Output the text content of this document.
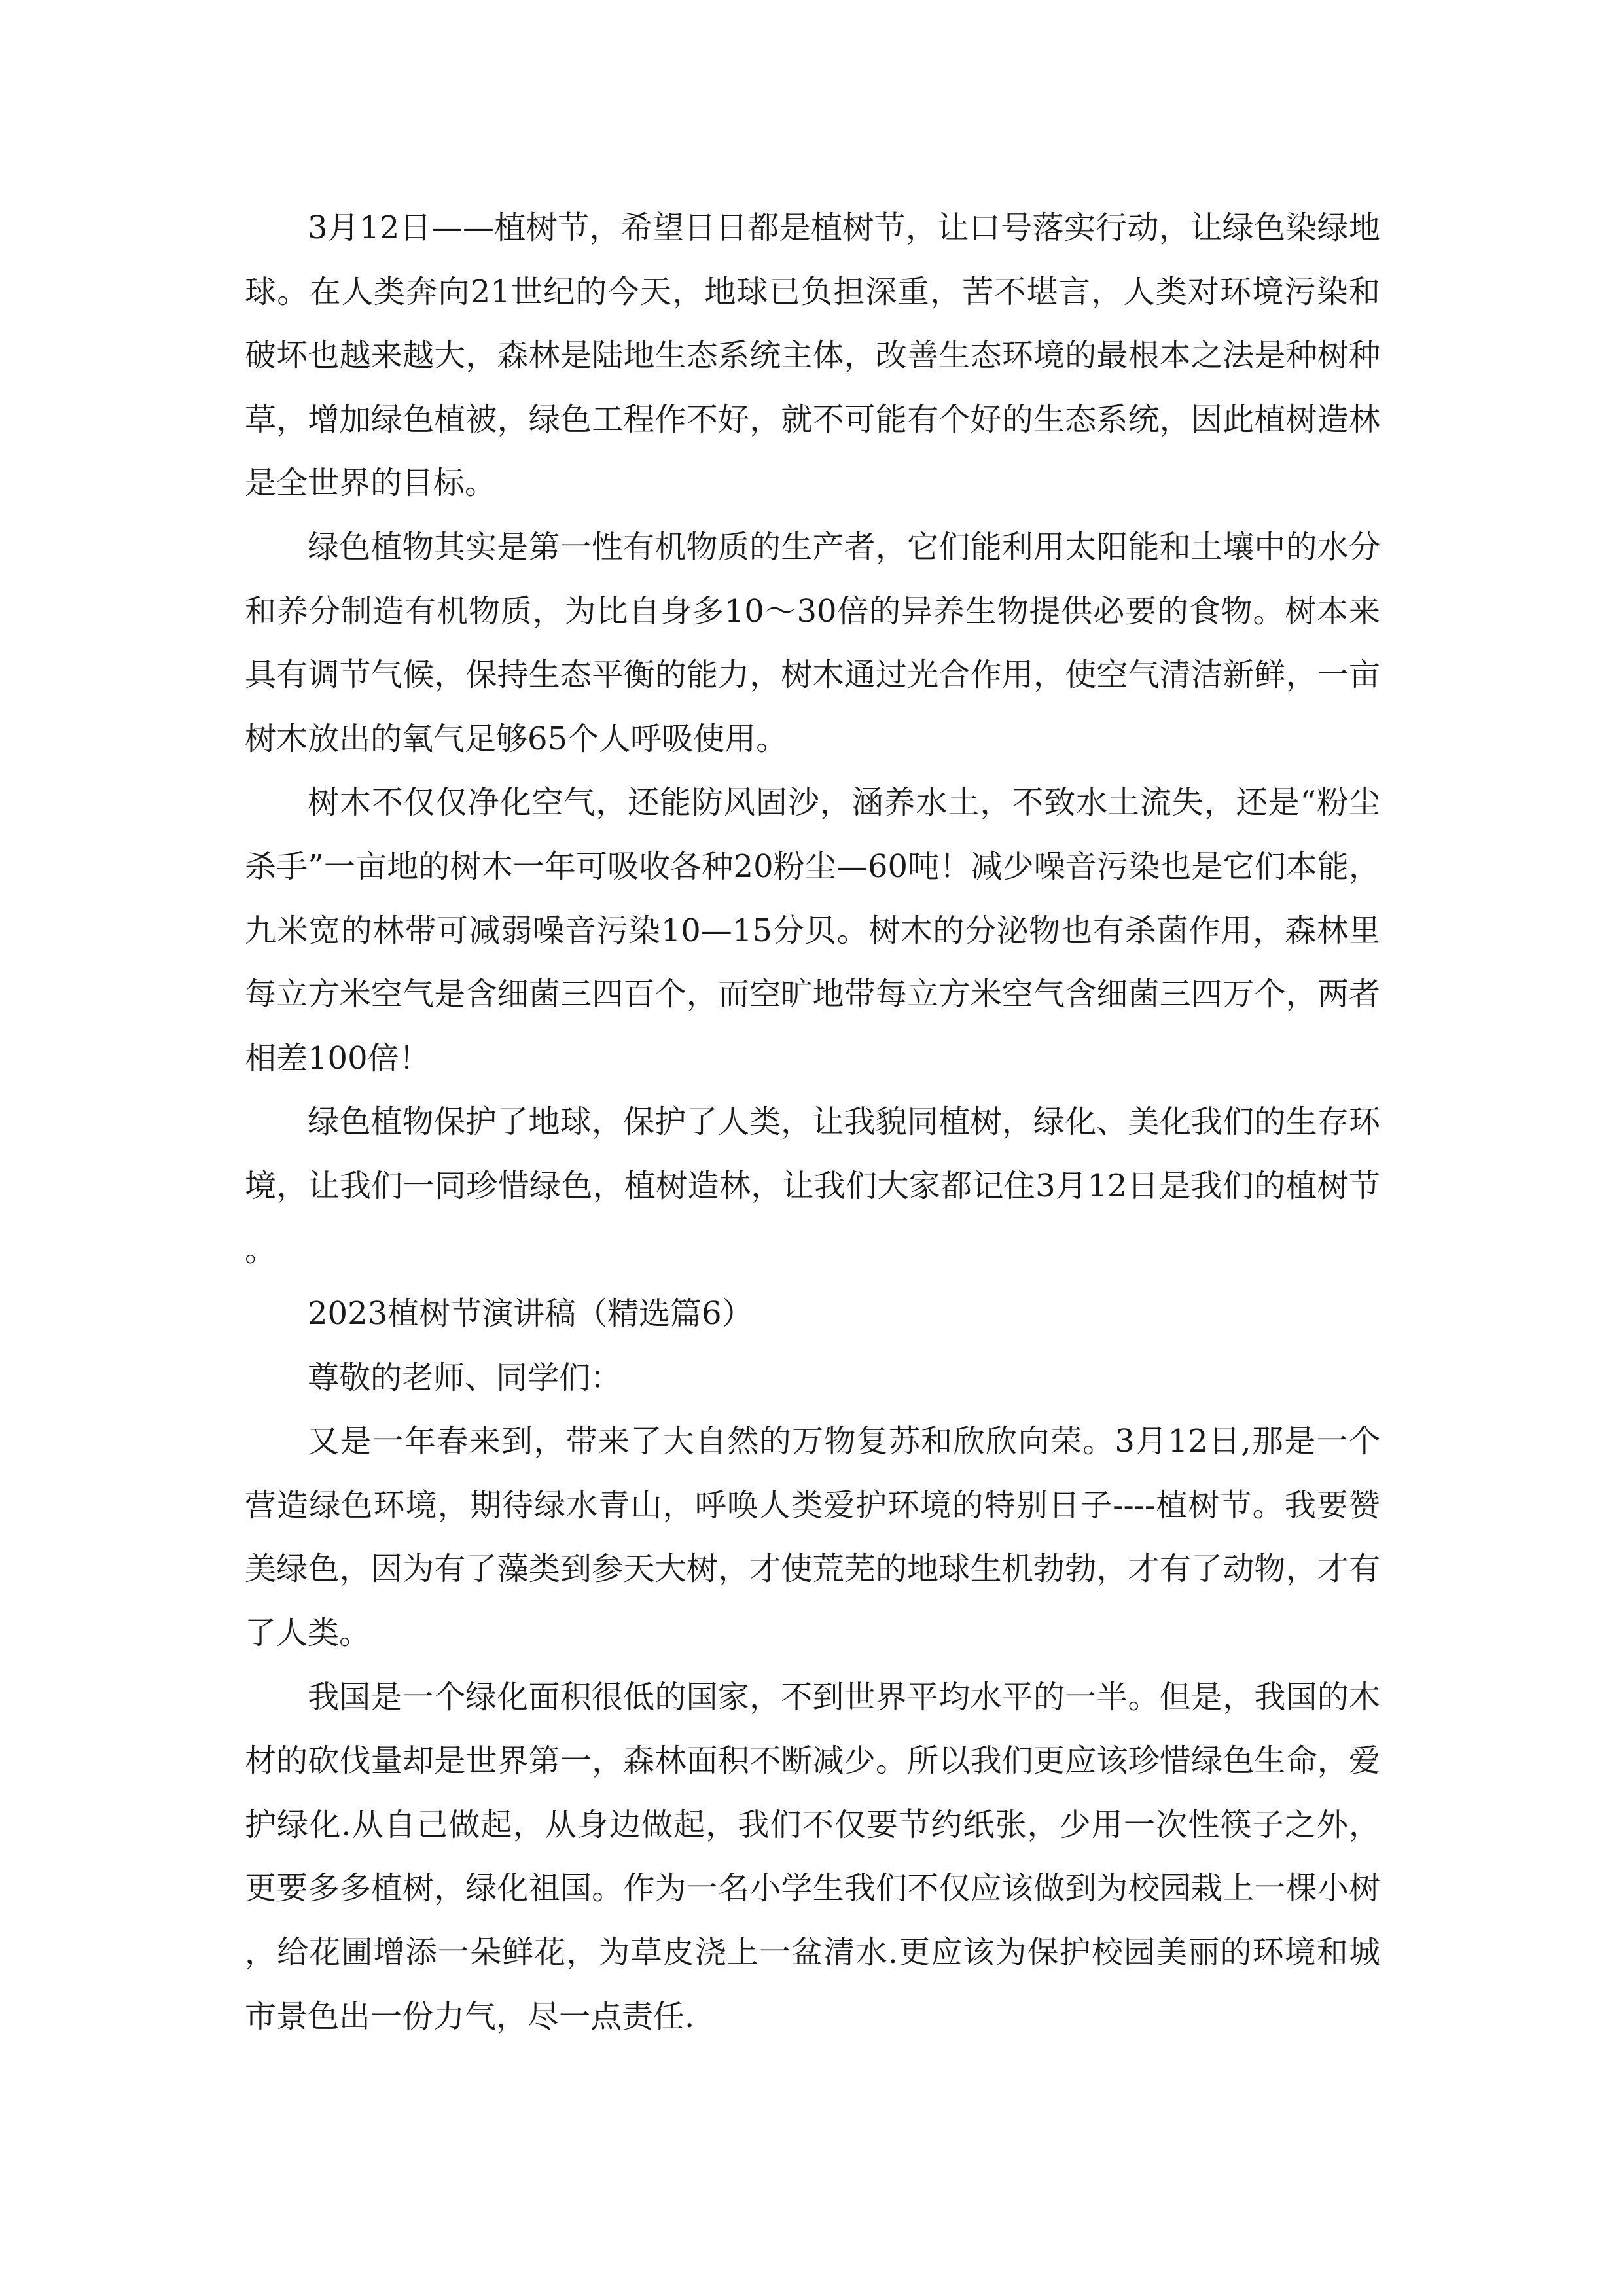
3月12日——植树节，希望日日都是植树节，让口号落实行动，让绿色染绿地球。在人类奔向21世纪的今天，地球已负担深重，苦不堪言，人类对环境污染和破坏也越来越大，森林是陆地生态系统主体，改善生态环境的最根本之法是种树种草，增加绿色植被，绿色工程作不好，就不可能有个好的生态系统，因此植树造林是全世界的目标。

绿色植物其实是第一性有机物质的生产者，它们能利用太阳能和土壤中的水分和养分制造有机物质，为比自身多10～30倍的异养生物提供必要的食物。树本来具有调节气候，保持生态平衡的能力，树木通过光合作用，使空气清洁新鲜，一亩树木放出的氧气足够65个人呼吸使用。

树木不仅仅净化空气，还能防风固沙，涵养水土，不致水土流失，还是“粉尘杀手”一亩地的树木一年可吸收各种20粉尘—60吨！减少噪音污染也是它们本能，九米宽的林带可减弱噪音污染10—15分贝。树木的分泌物也有杀菌作用，森林里每立方米空气是含细菌三四百个，而空旷地带每立方米空气含细菌三四万个，两者相差100倍！

绿色植物保护了地球，保护了人类，让我貌同植树，绿化、美化我们的生存环境，让我们一同珍惜绿色，植树造林，让我们大家都记住3月12日是我们的植树节。

2023植树节演讲稿（精选篇6）

尊敬的老师、同学们：

又是一年春来到，带来了大自然的万物复苏和欣欣向荣。3月12日,那是一个营造绿色环境，期待绿水青山，呼唤人类爱护环境的特别日子----植树节。我要赞美绿色，因为有了藻类到参天大树，才使荒芜的地球生机勃勃，才有了动物，才有了人类。

我国是一个绿化面积很低的国家，不到世界平均水平的一半。但是，我国的木材的砍伐量却是世界第一，森林面积不断减少。所以我们更应该珍惜绿色生命，爱护绿化.从自己做起，从身边做起，我们不仅要节约纸张，少用一次性筷子之外，更要多多植树，绿化祖国。作为一名小学生我们不仅应该做到为校园栽上一棵小树，给花圃增添一朵鲜花，为草皮浇上一盆清水.更应该为保护校园美丽的环境和城市景色出一份力气，尽一点责任.
